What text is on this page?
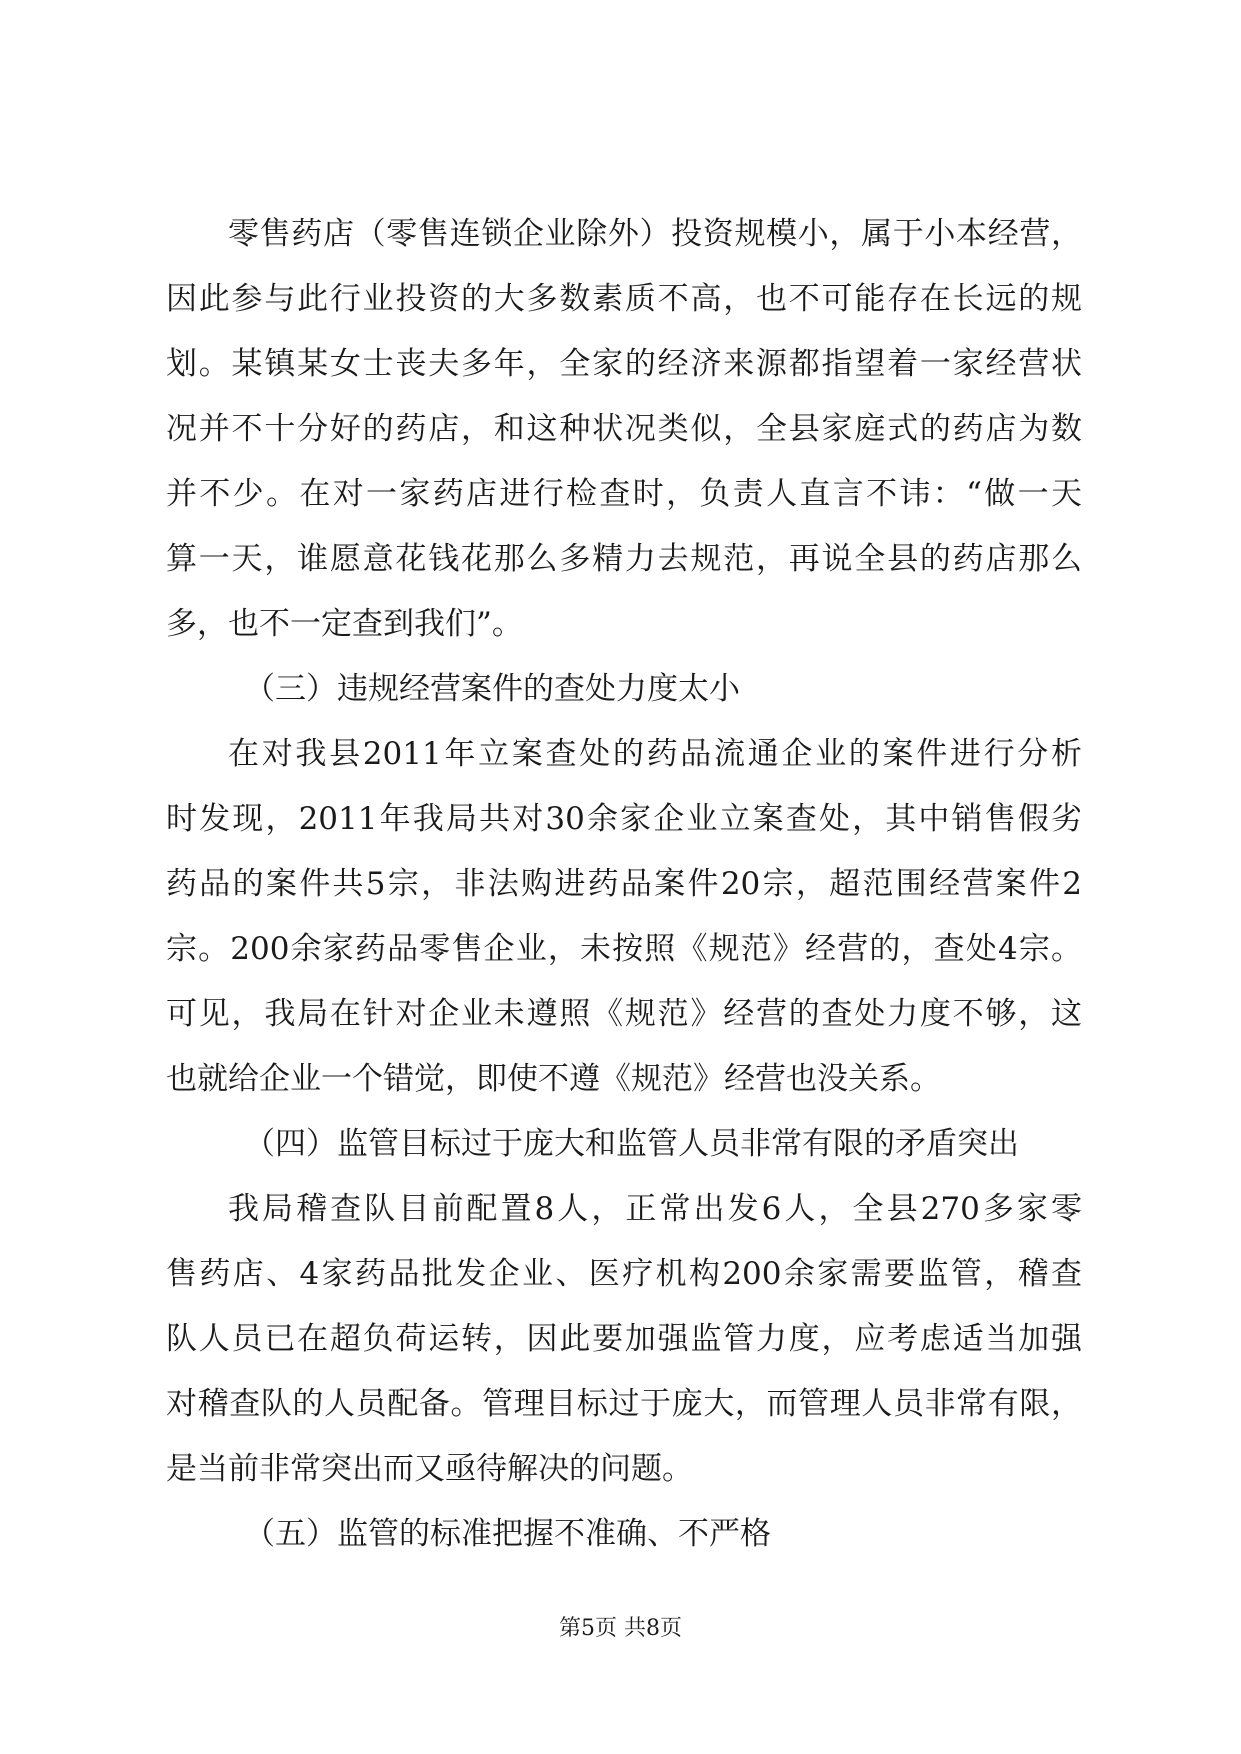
零售药店（零售连锁企业除外）投资规模小，属于小本经营，
因此参与此行业投资的大多数素质不高，也不可能存在长远的规
划。某镇某女士丧夫多年，全家的经济来源都指望着一家经营状
况并不十分好的药店，和这种状况类似，全县家庭式的药店为数
并不少。在对一家药店进行检查时，负责人直言不讳：“做一天
算一天，谁愿意花钱花那么多精力去规范，再说全县的药店那么
多，也不一定查到我们”。
（三）违规经营案件的查处力度太小
在对我县2011年立案查处的药品流通企业的案件进行分析
时发现，2011年我局共对30余家企业立案查处，其中销售假劣
药品的案件共5宗，非法购进药品案件20宗，超范围经营案件2
宗。200余家药品零售企业，未按照《规范》经营的，查处4宗。
可见，我局在针对企业未遵照《规范》经营的查处力度不够，这
也就给企业一个错觉，即使不遵《规范》经营也没关系。
（四）监管目标过于庞大和监管人员非常有限的矛盾突出
我局稽查队目前配置8人，正常出发6人，全县270多家零
售药店、4家药品批发企业、医疗机构200余家需要监管，稽查
队人员已在超负荷运转，因此要加强监管力度，应考虑适当加强
对稽查队的人员配备。管理目标过于庞大，而管理人员非常有限，
是当前非常突出而又亟待解决的问题。
（五）监管的标准把握不准确、不严格
第5页 共8页
